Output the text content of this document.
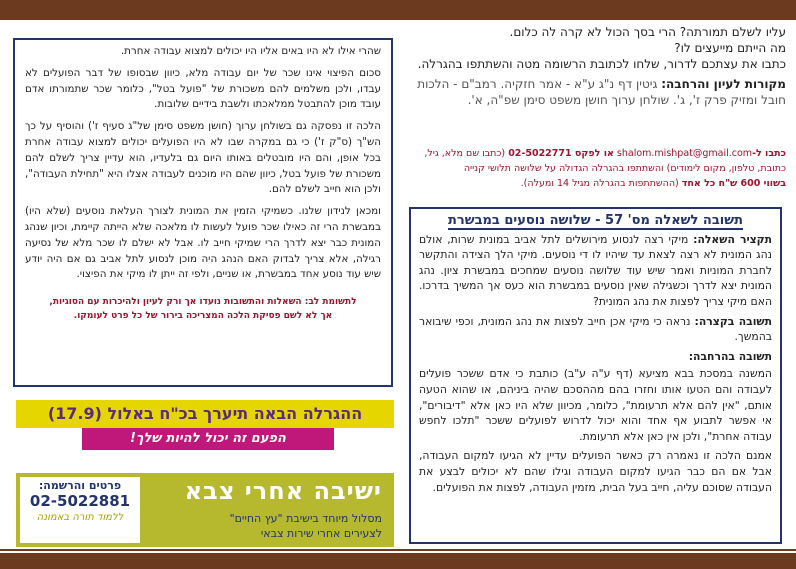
עליו לשלם תמורתה? הרי בסך הכול לא קרה לה כלום.

מה הייתם מייעצים לו?

כתבו את עצתכם לדרור, שלחו לכתובת הרשומה מטה והשתתפו בהגרלה.

מקורות לעיון והרחבה: גיטין דף נ"ג ע"א - אמר חזקיה. רמב"ם - הלכות חובל ומזיק פרק ז', ג'. שולחן ערוך חושן משפט סימן שפ"ה, א'.

כתבו ל-shalom.mishpat@gmail.com או לפקס 02-5022771 (כתבו שם מלא, גיל,

כתובת, טלפון, מקום לימודים) והשתתפו בהגרלה הגדולה על שלושה תלושי קנייה

בשווי 600 ש"ח כל אחד (ההשתתפות בהגרלה מגיל 14 ומעלה).

תשובה לשאלה מס' 57 - שלושה נוסעים במבשרת

תקציר השאלה: מיקי רצה לנסוע מירושלים לתל אביב במונית שרות, אולם נהג המונית לא רצה לצאת עד שיהיו לו די נוסעים. מיקי הלך הצידה והתקשר לחברת המוניות ואמר שיש עוד שלושה נוסעים שמחכים במבשרת ציון. נהג המונית יצא לדרך וכשגילה שאין נוסעים במבשרת הוא כעס אך המשיך בדרכו. האם מיקי צריך לפצות את נהג המונית?

תשובה בקצרה: נראה כי מיקי אכן חייב לפצות את נהג המונית, וכפי שיבואר בהמשך.

תשובה בהרחבה:

המשנה במסכת בבא מציעא (דף ע"ה ע"ב) כותבת כי אדם ששכר פועלים לעבודה והם הטעו אותו וחזרו בהם מההסכם שהיה ביניהם, או שהוא הטעה אותם, "אין להם אלא תרעומת", כלומר, מכיוון שלא היו כאן אלא "דיבורים", אי אפשר לתבוע אף אחד והוא יכול לדרוש לפועלים ששכר "תלכו לחפש עבודה אחרת", ולכן אין כאן אלא תרעומת.

אמנם הלכה זו נאמרה רק כאשר הפועלים עדיין לא הגיעו למקום העבודה, אבל אם הם כבר הגיעו למקום העבודה וגילו שהם לא יכולים לבצע את העבודה שסוכם עליה, חייב בעל הבית, מזמין העבודה, לפצות את הפועלים.

שהרי אילו לא היו באים אליו היו יכולים למצוא עבודה אחרת.

סכום הפיצוי אינו שכר של יום עבודה מלא, כיוון שבסופו של דבר הפועלים לא עבדו, ולכן משלמים להם משכורת של "פועל בטל", כלומר שכר שתמורתו אדם עובד מוכן להתבטל ממלאכתו ולשבת בידיים שלובות.

הלכה זו נפסקה גם בשולחן ערוך (חושן משפט סימן של"ג סעיף ז') והוסיף על כך הש"ך (ס"ק ז') כי גם במקרה שבו לא היו הפועלים יכולים למצוא עבודה אחרת בכל אופן, והם היו מובטלים באותו היום גם בלעדיו, הוא עדיין צריך לשלם להם משכורת של פועל בטל, כיוון שהם היו מוכנים לעבודה אצלו היא "תחילת העבודה", ולכן הוא חייב לשלם להם.

ומכאן לנידון שלנו. כשמיקי הזמין את המונית לצורך העלאת נוסעים (שלא היו) במבשרת הרי זה כאילו שכר פועל לעשות לו מלאכה שלא הייתה קיימת, וכיון שנהג המונית כבר יצא לדרך הרי שמיקי חייב לו. אבל לא ישלם לו שכר מלא של נסיעה רגילה, אלא צריך לבדוק האם הנהג היה מוכן לנסוע לתל אביב גם אם היה יודע שיש עוד נוסע אחד במבשרת, או שניים, ולפי זה ייתן לו מיקי את הפיצוי.

לתשומת לב: השאלות והתשובות נועדו אך ורק לעיון ולהיכרות עם הסוגיות,
אך לא לשם פסיקת הלכה המצריכה בירור של כל פרט לעומקו.
ההגרלה הבאה תיערך בכ"ח באלול (17.9)
הפעם זה יכול להיות שלך!
ישיבה אחרי צבא
מסלול מיוחד בישיבת "עץ החיים"
לצעירים אחרי שירות צבאי
פרטים והרשמה:
02-5022881
ללמוד תורה באמונה
